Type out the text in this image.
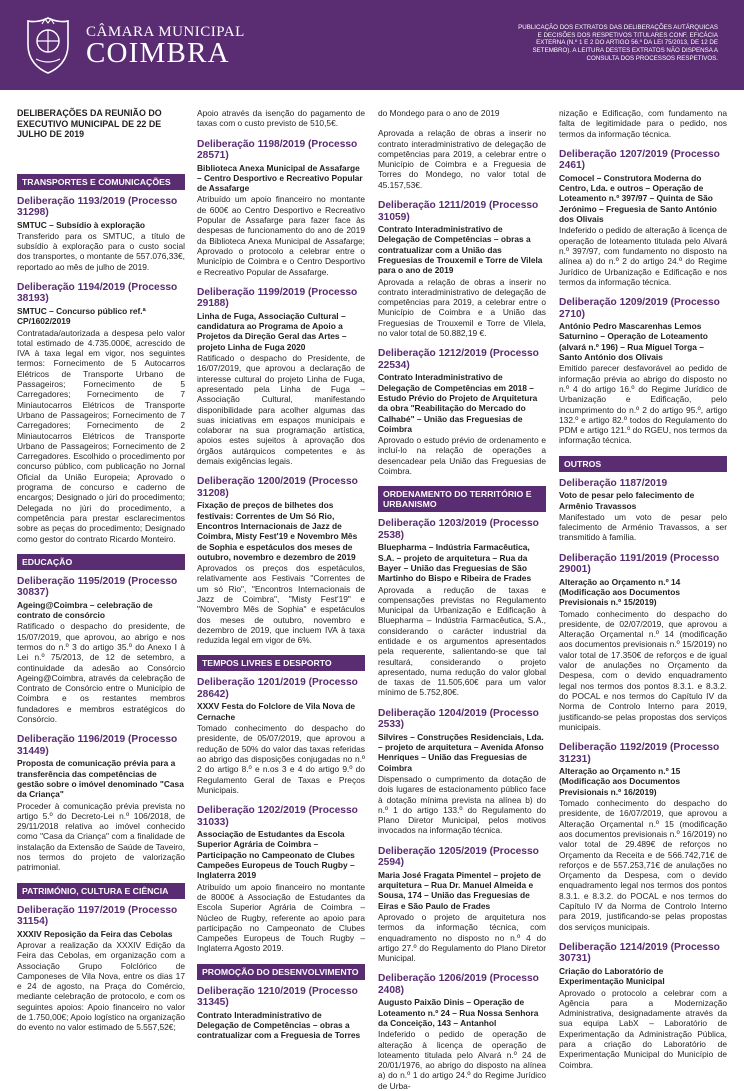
CÂMARA MUNICIPAL
COIMBRA
PUBLICAÇÃO DOS EXTRATOS DAS DELIBERAÇÕES AUTÁRQUICAS E DECISÕES DOS RESPETIVOS TITULARES CONF. EFICÁCIA EXTERNA (N.º 1 E 2 DO ARTIGO 56.º DA LEI 75/2013, DE 12 DE SETEMBRO). A LEITURA DESTES EXTRATOS NÃO DISPENSA A CONSULTA DOS PROCESSOS RESPETIVOS.
DELIBERAÇÕES DA REUNIÃO DO EXECUTIVO MUNICIPAL DE 22 DE JULHO DE 2019
TRANSPORTES E COMUNICAÇÕES
Deliberação 1193/2019 (Processo 31298)
SMTUC – Subsídio à exploração
Transferido para os SMTUC, a título de subsídio à exploração para o custo social dos transportes, o montante de 557.076,33€, reportado ao mês de julho de 2019.
Deliberação 1194/2019 (Processo 38193)
SMTUC – Concurso público ref.ª CP/1602/2019
Contratada/autorizada a despesa pelo valor total estimado de 4.735.000€, acrescido de IVA à taxa legal em vigor, nos seguintes termos: Fornecimento de 5 Autocarros Elétricos de Transporte Urbano de Passageiros; Fornecimento de 5 Carregadores; Fornecimento de 7 Miniautocarros Elétricos de Transporte Urbano de Passageiros; Fornecimento de 7 Carregadores; Fornecimento de 2 Miniautocarros Elétricos de Transporte Urbano de Passageiros; Fornecimento de 2 Carregadores. Escolhido o procedimento por concurso público, com publicação no Jornal Oficial da União Europeia; Aprovado o programa de concurso e caderno de encargos; Designado o júri do procedimento; Delegada no júri do procedimento, a competência para prestar esclarecimentos sobre as peças do procedimento; Designado como gestor do contrato Ricardo Monteiro.
EDUCAÇÃO
Deliberação 1195/2019 (Processo 30837)
Ageing@Coimbra – celebração de contrato de consórcio
Ratificado o despacho do presidente, de 15/07/2019, que aprovou, ao abrigo e nos termos do n.º 3 do artigo 35.º do Anexo I à Lei n.º 75/2013, de 12 de setembro, a continuidade da adesão ao Consórcio Ageing@Coimbra, através da celebração de Contrato de Consórcio entre o Município de Coimbra e os restantes membros fundadores e membros estratégicos do Consórcio.
Deliberação 1196/2019 (Processo 31449)
Proposta de comunicação prévia para a transferência das competências de gestão sobre o imóvel denominado "Casa da Criança"
Proceder à comunicação prévia prevista no artigo 5.º do Decreto-Lei n.º 106/2018, de 29/11/2018 relativa ao imóvel conhecido como "Casa da Criança" com a finalidade de instalação da Extensão de Saúde de Taveiro, nos termos do projeto de valorização patrimonial.
PATRIMÓNIO, CULTURA E CIÊNCIA
Deliberação 1197/2019 (Processo 31154)
XXXIV Reposição da Feira das Cebolas
Aprovar a realização da XXXIV Edição da Feira das Cebolas, em organização com a Associação Grupo Folclórico de Camponeses de Vila Nova, entre os dias 17 e 24 de agosto, na Praça do Comércio, mediante celebração de protocolo, e com os seguintes apoios: Apoio financeiro no valor de 1.750,00€; Apoio logístico na organização do evento no valor estimado de 5.557,52€;
Apoio através da isenção do pagamento de taxas com o custo previsto de 510,5€.
Deliberação 1198/2019 (Processo 28571)
Biblioteca Anexa Municipal de Assafarge – Centro Desportivo e Recreativo Popular de Assafarge
Atribuído um apoio financeiro no montante de 600€ ao Centro Desportivo e Recreativo Popular de Assafarge para fazer face às despesas de funcionamento do ano de 2019 da Biblioteca Anexa Municipal de Assafarge; Aprovado o protocolo a celebrar entre o Município de Coimbra e o Centro Desportivo e Recreativo Popular de Assafarge.
Deliberação 1199/2019 (Processo 29188)
Linha de Fuga, Associação Cultural – candidatura ao Programa de Apoio a Projetos da Direção Geral das Artes – projeto Linha de Fuga 2020
Ratificado o despacho do Presidente, de 16/07/2019, que aprovou a declaração de interesse cultural do projeto Linha de Fuga, apresentado pela Linha de Fuga – Associação Cultural, manifestando disponibilidade para acolher algumas das suas iniciativas em espaços municipais e colaborar na sua programação artística, apoios estes sujeitos à aprovação dos órgãos autárquicos competentes e às demais exigências legais.
Deliberação 1200/2019 (Processo 31208)
Fixação de preços de bilhetes dos festivais: Correntes de Um Só Rio, Encontros Internacionais de Jazz de Coimbra, Misty Fest'19 e Novembro Mês de Sophia e espetáculos dos meses de outubro, novembro e dezembro de 2019
Aprovados os preços dos espetáculos, relativamente aos Festivais "Correntes de um só Rio", "Encontros Internacionais de Jazz de Coimbra", "Misty Fest'19" e "Novembro Mês de Sophia" e espetáculos dos meses de outubro, novembro e dezembro de 2019, que incluem IVA à taxa reduzida legal em vigor de 6%.
TEMPOS LIVRES E DESPORTO
Deliberação 1201/2019 (Processo 28642)
XXXV Festa do Folclore de Vila Nova de Cernache
Tomado conhecimento do despacho do presidente, de 05/07/2019, que aprovou a redução de 50% do valor das taxas referidas ao abrigo das disposições conjugadas no n.º 2 do artigo 8.º e n.os 3 e 4 do artigo 9.º do Regulamento Geral de Taxas e Preços Municipais.
Deliberação 1202/2019 (Processo 31033)
Associação de Estudantes da Escola Superior Agrária de Coimbra – Participação no Campeonato de Clubes Campeões Europeus de Touch Rugby – Inglaterra 2019
Atribuído um apoio financeiro no montante de 8000€ à Associação de Estudantes da Escola Superior Agrária de Coimbra – Núcleo de Rugby, referente ao apoio para participação no Campeonato de Clubes Campeões Europeus de Touch Rugby – Inglaterra Agosto 2019.
PROMOÇÃO DO DESENVOLVIMENTO
Deliberação 1210/2019 (Processo 31345)
Contrato Interadministrativo de Delegação de Competências – obras a contratualizar com a Freguesia de Torres
do Mondego para o ano de 2019
Aprovada a relação de obras a inserir no contrato interadministrativo de delegação de competências para 2019, a celebrar entre o Município de Coimbra e a Freguesia de Torres do Mondego, no valor total de 45.157,53€.
Deliberação 1211/2019 (Processo 31059)
Contrato Interadministrativo de Delegação de Competências – obras a contratualizar com a União das Freguesias de Trouxemil e Torre de Vilela para o ano de 2019
Aprovada a relação de obras a inserir no contrato interadministrativo de delegação de competências para 2019, a celebrar entre o Município de Coimbra e a União das Freguesias de Trouxemil e Torre de Vilela, no valor total de 50.882,19 €.
Deliberação 1212/2019 (Processo 22534)
Contrato Interadministrativo de Delegação de Competências em 2018 – Estudo Prévio do Projeto de Arquitetura da obra "Reabilitação do Mercado do Calhabé" – União das Freguesias de Coimbra
Aprovado o estudo prévio de ordenamento e incluí-lo na relação de operações a desencadear pela União das Freguesias de Coimbra.
ORDENAMENTO DO TERRITÓRIO E URBANISMO
Deliberação 1203/2019 (Processo 2538)
Bluepharma – Indústria Farmacêutica, S.A. – projeto de arquitetura – Rua da Bayer – União das Freguesias de São Martinho do Bispo e Ribeira de Frades
Aprovada a redução de taxas e compensações previstas no Regulamento Municipal da Urbanização e Edificação à Bluepharma – Indústria Farmacêutica, S.A., considerando o carácter industrial da entidade e os argumentos apresentados pela requerente, salientando-se que tal resultará, considerando o projeto apresentado, numa redução do valor global de taxas de 11.505,60€ para um valor mínimo de 5.752,80€.
Deliberação 1204/2019 (Processo 2533)
Silvires – Construções Residenciais, Lda. – projeto de arquitetura – Avenida Afonso Henriques – União das Freguesias de Coimbra
Dispensado o cumprimento da dotação de dois lugares de estacionamento público face à dotação mínima prevista na alínea b) do n.º 1 do artigo 133.º do Regulamento do Plano Diretor Municipal, pelos motivos invocados na informação técnica.
Deliberação 1205/2019 (Processo 2594)
Maria José Fragata Pimentel – projeto de arquitetura – Rua Dr. Manuel Almeida e Sousa, 174 – União das Freguesias de Eiras e São Paulo de Frades
Aprovado o projeto de arquitetura nos termos da informação técnica, com enquadramento no disposto no n.º 4 do artigo 27.º do Regulamento do Plano Diretor Municipal.
Deliberação 1206/2019 (Processo 2408)
Augusto Paixão Dinis – Operação de Loteamento n.º 24 – Rua Nossa Senhora da Conceição, 143 – Antanhol
Indeferido o pedido de operação de alteração à licença de operação de loteamento titulada pelo Alvará n.º 24 de 20/01/1976, ao abrigo do disposto na alínea a) do n.º 1 do artigo 24.º do Regime Jurídico de Urba-
nização e Edificação, com fundamento na falta de legitimidade para o pedido, nos termos da informação técnica.
Deliberação 1207/2019 (Processo 2461)
Comocel – Construtora Moderna do Centro, Lda. e outros – Operação de Loteamento n.º 397/97 – Quinta de São Jerónimo – Freguesia de Santo António dos Olivais
Indeferido o pedido de alteração à licença de operação de loteamento titulada pelo Alvará n.º 397/97, com fundamento no disposto na alínea a) do n.º 2 do artigo 24.º do Regime Jurídico de Urbanização e Edificação e nos termos da informação técnica.
Deliberação 1209/2019 (Processo 2710)
António Pedro Mascarenhas Lemos Saturnino – Operação de Loteamento (alvará n.º 196) – Rua Miguel Torga – Santo António dos Olivais
Emitido parecer desfavorável ao pedido de informação prévia ao abrigo do disposto no n.º 4 do artigo 16.º do Regime Jurídico de Urbanização e Edificação, pelo incumprimento do n.º 2 do artigo 95.º, artigo 132.º e artigo 82.º todos do Regulamento do PDM e artigo 121.º do RGEU, nos termos da informação técnica.
OUTROS
Deliberação 1187/2019
Voto de pesar pelo falecimento de Armênio Travassos
Manifestado um voto de pesar pelo falecimento de Arménio Travassos, a ser transmitido à família.
Deliberação 1191/2019 (Processo 29001)
Alteração ao Orçamento n.º 14 (Modificação aos Documentos Previsionais n.º 15/2019)
Tomado conhecimento do despacho do presidente, de 02/07/2019, que aprovou a Alteração Orçamental n.º 14 (modificação aos documentos previsionais n.º 15/2019) no valor total de 17.350€ de reforços e de igual valor de anulações no Orçamento da Despesa, com o devido enquadramento legal nos termos dos pontos 8.3.1. e 8.3.2. do POCAL e nos termos do Capítulo IV da Norma de Controlo Interno para 2019, justificando-se pelas propostas dos serviços municipais.
Deliberação 1192/2019 (Processo 31231)
Alteração ao Orçamento n.º 15 (Modificação aos Documentos Previsionais n.º 16/2019)
Tomado conhecimento do despacho do presidente, de 16/07/2019, que aprovou a Alteração Orçamental n.º 15 (modificação aos documentos previsionais n.º 16/2019) no valor total de 29.489€ de reforços no Orçamento da Receita e de 566.742,71€ de reforços e de 557.253,71€ de anulações no Orçamento da Despesa, com o devido enquadramento legal nos termos dos pontos 8.3.1. e 8.3.2. do POCAL e nos termos do Capítulo IV da Norma de Controlo Interno para 2019, justificando-se pelas propostas dos serviços municipais.
Deliberação 1214/2019 (Processo 30731)
Criação do Laboratório de Experimentação Municipal
Aprovado o protocolo a celebrar com a Agência para a Modernização Administrativa, designadamente através da sua equipa LabX – Laboratório de Experimentação da Administração Pública, para a criação do Laboratório de Experimentação Municipal do Município de Coimbra.
